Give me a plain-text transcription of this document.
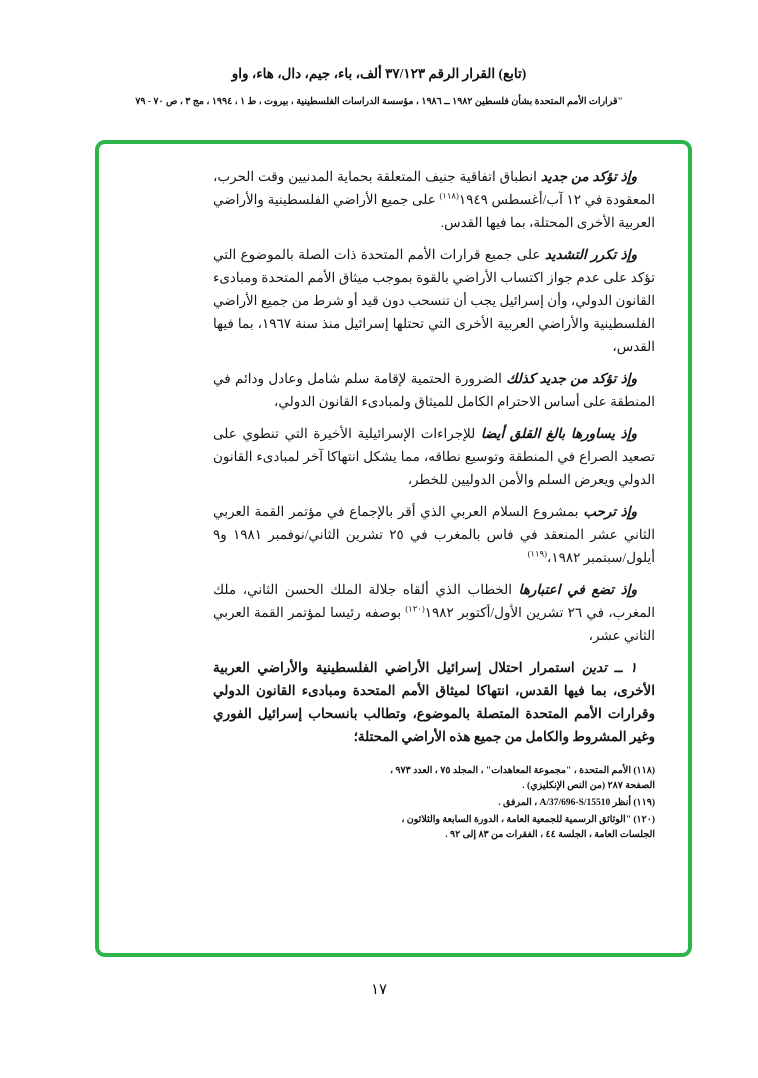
(تابع) القرار الرقم ٣٧/١٢٣ ألف، باء، جيم، دال، هاء، واو
"قرارات الأمم المتحدة بشأن فلسطين ١٩٨٢ ــ ١٩٨٦ ، مؤسسة الدراسات الفلسطينية ، بيروت ، ط ١ ، ١٩٩٤ ، مج ٣ ، ص ٧٠ - ٧٩

وإذ تؤكد من جديد انطباق اتفاقية جنيف المتعلقة بحماية المدنيين وقت الحرب، المعقودة في ١٢ آب/أغسطس ١٩٤٩$^{(١١٨)}$ على جميع الأراضي الفلسطينية والأراضي العربية الأخرى المحتلة، بما فيها القدس.

وإذ تكرر التشديد على جميع قرارات الأمم المتحدة ذات الصلة بالموضوع التي تؤكد على عدم جواز اكتساب الأراضي بالقوة بموجب ميثاق الأمم المتحدة ومبادىء القانون الدولي، وأن إسرائيل يجب أن تنسحب دون قيد أو شرط من جميع الأراضي الفلسطينية والأراضي العربية الأخرى التي تحتلها إسرائيل منذ سنة ١٩٦٧، بما فيها القدس،

وإذ تؤكد من جديد كذلك الضرورة الحتمية لإقامة سلم شامل وعادل ودائم في المنطقة على أساس الاحترام الكامل للميثاق ولمبادىء القانون الدولي،

وإذ يساورها بالغ القلق أيضا للإجراءات الإسرائيلية الأخيرة التي تنطوي على تصعيد الصراع في المنطقة وتوسيع نطاقه، مما يشكل انتهاكا آخر لمبادىء القانون الدولي ويعرض السلم والأمن الدوليين للخطر،

وإذ ترحب بمشروع السلام العربي الذي أقر بالإجماع في مؤتمر القمة العربي الثاني عشر المنعقد في فاس بالمغرب في ٢٥ تشرين الثاني/نوفمبر ١٩٨١ و٩ أيلول/سبتمبر ١٩٨٢،$^{(١١٩)}$

وإذ تضع في اعتبارها الخطاب الذي ألقاه جلالة الملك الحسن الثاني، ملك المغرب، في ٢٦ تشرين الأول/أكتوبر ١٩٨٢$^{(١٢٠)}$ بوصفه رئيسا لمؤتمر القمة العربي الثاني عشر،

١ ــ تدين استمرار احتلال إسرائيل الأراضي الفلسطينية والأراضي العربية الأخرى، بما فيها القدس، انتهاكا لميثاق الأمم المتحدة ومبادىء القانون الدولي وقرارات الأمم المتحدة المتصلة بالموضوع، وتطالب بانسحاب إسرائيل الفوري وغير المشروط والكامل من جميع هذه الأراضي المحتلة؛

(١١٨) الأمم المتحدة ، "مجموعة المعاهدات" ، المجلد ٧٥ ، العدد ٩٧٣ ، الصفحة ٢٨٧ (من النص الإنكليزي) .

(١١٩) أنظر A/37/696-S/15510 ، المرفق .

(١٢٠) "الوثائق الرسمية للجمعية العامة ، الدورة السابعة والثلاثون ، الجلسات العامة ، الجلسة ٤٤ ، الفقرات من ٨٣ إلى ٩٢ .

١٧
